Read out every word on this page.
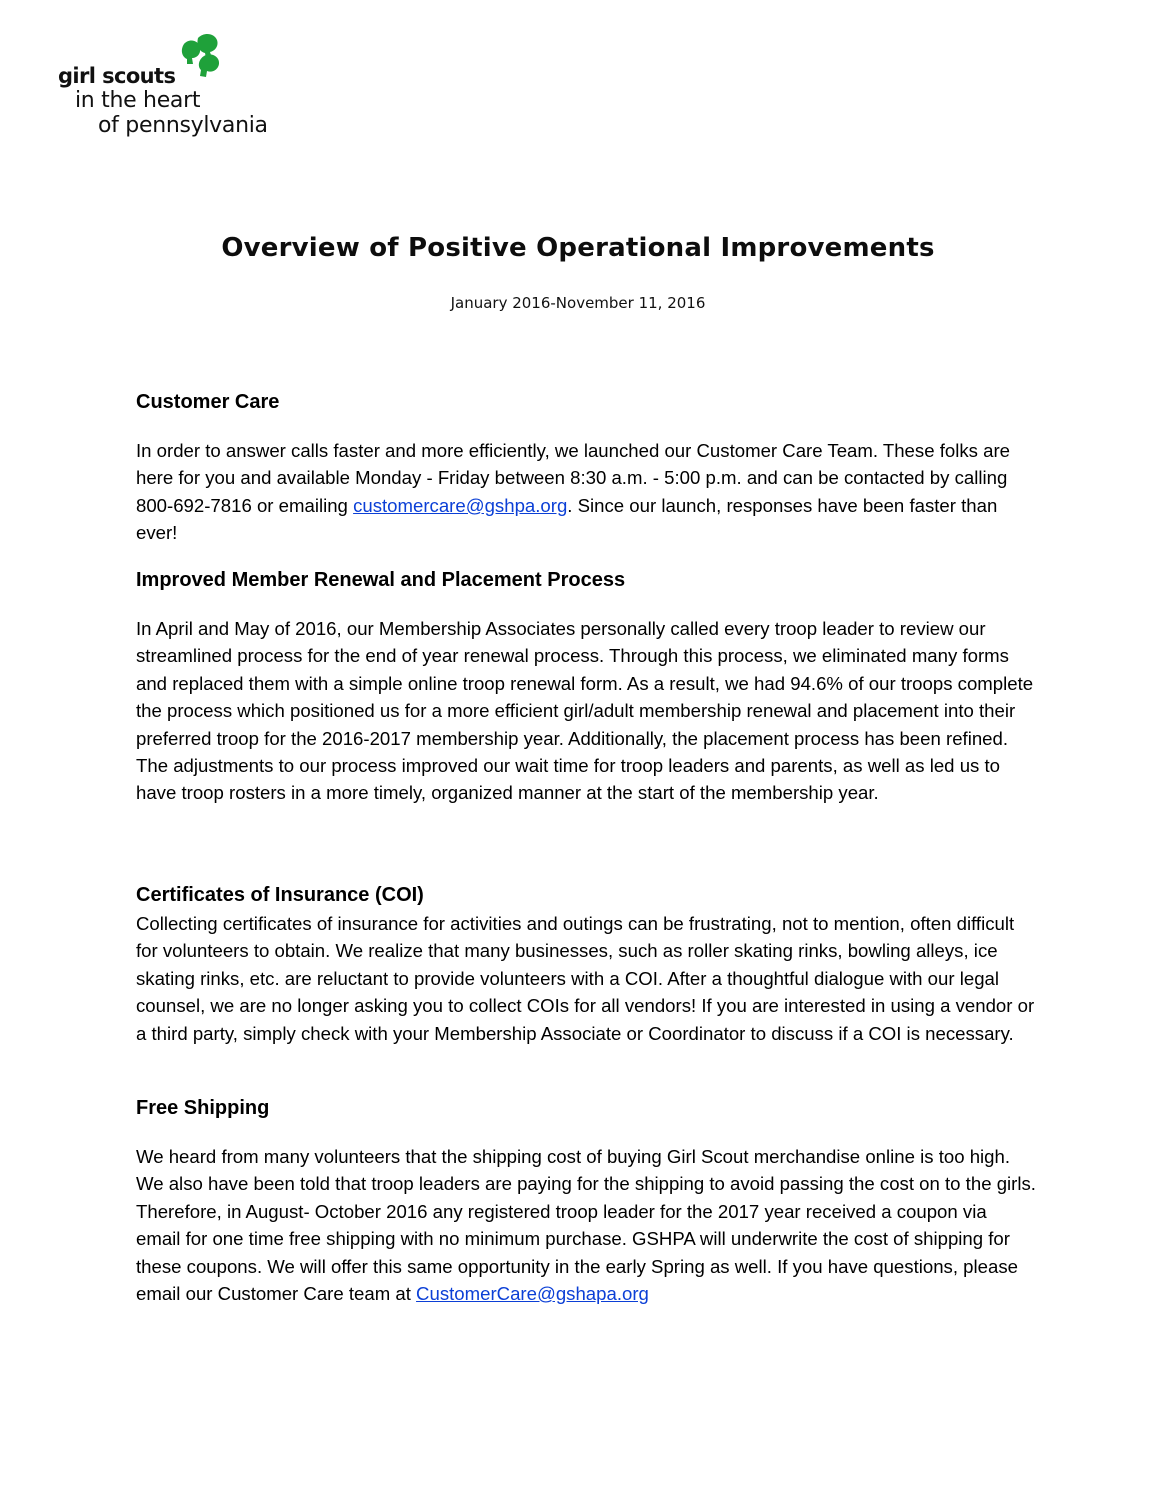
girl scouts
in the heart
of pennsylvania
Overview of Positive Operational Improvements
January 2016-November 11, 2016
Customer Care
In order to answer calls faster and more efficiently, we launched our Customer Care Team. These folks are here for you and available Monday - Friday between 8:30 a.m. - 5:00 p.m. and can be contacted by calling 800-692-7816 or emailing customercare@gshpa.org. Since our launch, responses have been faster than ever!
Improved Member Renewal and Placement Process
In April and May of 2016, our Membership Associates personally called every troop leader to review our streamlined process for the end of year renewal process. Through this process, we eliminated many forms and replaced them with a simple online troop renewal form. As a result, we had 94.6% of our troops complete the process which positioned us for a more efficient girl/adult membership renewal and placement into their preferred troop for the 2016-2017 membership year. Additionally, the placement process has been refined. The adjustments to our process improved our wait time for troop leaders and parents, as well as led us to have troop rosters in a more timely, organized manner at the start of the membership year.
Certificates of Insurance (COI)
Collecting certificates of insurance for activities and outings can be frustrating, not to mention, often difficult for volunteers to obtain. We realize that many businesses, such as roller skating rinks, bowling alleys, ice skating rinks, etc. are reluctant to provide volunteers with a COI. After a thoughtful dialogue with our legal counsel, we are no longer asking you to collect COIs for all vendors! If you are interested in using a vendor or a third party, simply check with your Membership Associate or Coordinator to discuss if a COI is necessary.
Free Shipping
We heard from many volunteers that the shipping cost of buying Girl Scout merchandise online is too high. We also have been told that troop leaders are paying for the shipping to avoid passing the cost on to the girls. Therefore, in August- October 2016 any registered troop leader for the 2017 year received a coupon via email for one time free shipping with no minimum purchase. GSHPA will underwrite the cost of shipping for these coupons. We will offer this same opportunity in the early Spring as well. If you have questions, please email our Customer Care team at CustomerCare@gshapa.org
